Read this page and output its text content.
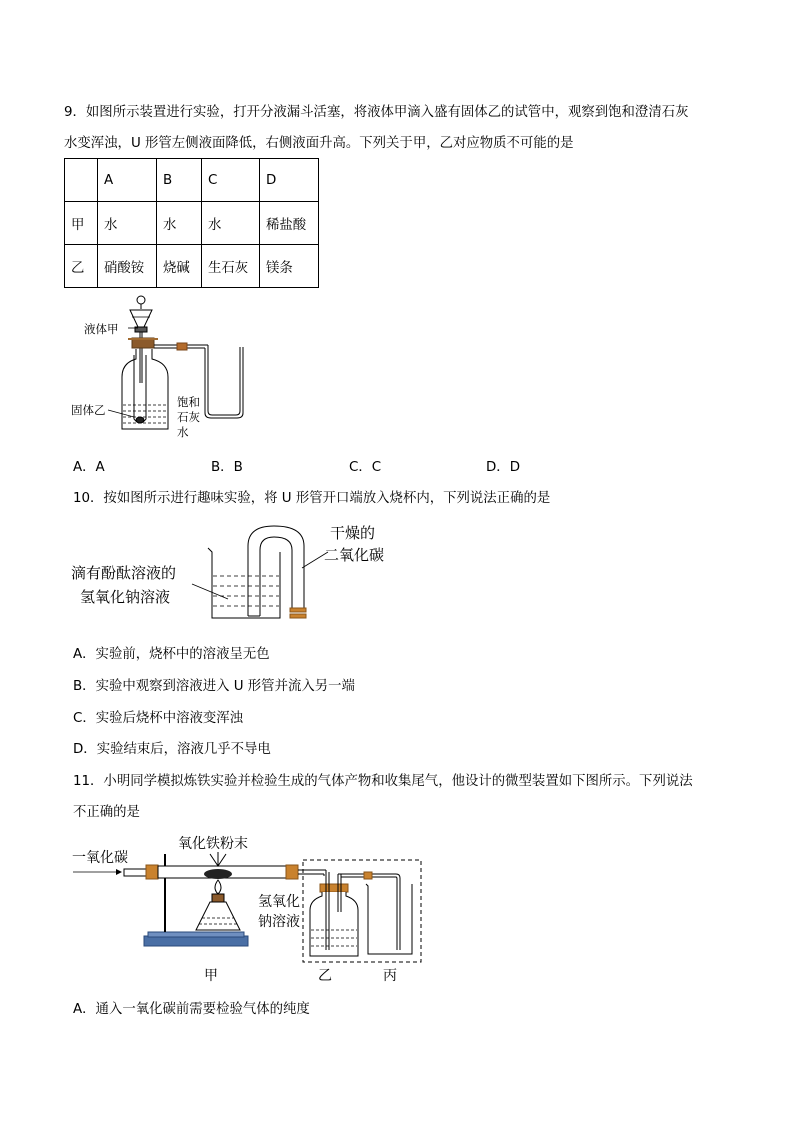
9．如图所示装置进行实验，打开分液漏斗活塞，将液体甲滴入盛有固体乙的试管中，观察到饱和澄清石灰
水变浑浊，U 形管左侧液面降低，右侧液面升高。下列关于甲，乙对应物质不可能的是
	A	B	C	D
甲	水	水	水	稀盐酸
乙	硝酸铵	烧碱	生石灰	镁条
液体甲
固体乙
饱和
石灰
水
A．A	B．B	C．C	D．D
10．按如图所示进行趣味实验，将 U 形管开口端放入烧杯内，下列说法正确的是
干燥的
二氧化碳
滴有酚酞溶液的
氢氧化钠溶液
A．实验前，烧杯中的溶液呈无色
B．实验中观察到溶液进入 U 形管并流入另一端
C．实验后烧杯中溶液变浑浊
D．实验结束后，溶液几乎不导电
11．小明同学模拟炼铁实验并检验生成的气体产物和收集尾气，他设计的微型装置如下图所示。下列说法
不正确的是
一氧化碳
氧化铁粉末
氢氧化
钠溶液
甲	乙	丙
A．通入一氧化碳前需要检验气体的纯度
